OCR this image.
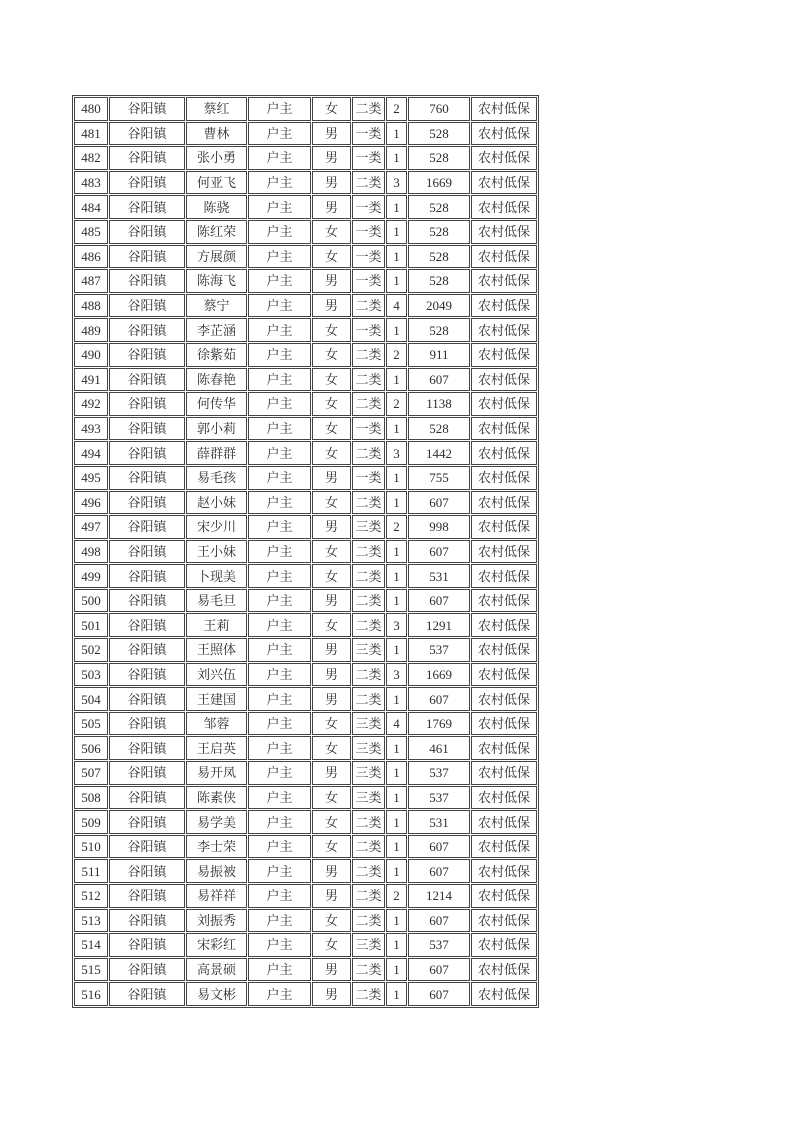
480	谷阳镇	蔡红	户主	女	二类	2	760	农村低保
481	谷阳镇	曹林	户主	男	一类	1	528	农村低保
482	谷阳镇	张小勇	户主	男	一类	1	528	农村低保
483	谷阳镇	何亚飞	户主	男	二类	3	1669	农村低保
484	谷阳镇	陈骁	户主	男	一类	1	528	农村低保
485	谷阳镇	陈红荣	户主	女	一类	1	528	农村低保
486	谷阳镇	方展颜	户主	女	一类	1	528	农村低保
487	谷阳镇	陈海飞	户主	男	一类	1	528	农村低保
488	谷阳镇	蔡宁	户主	男	二类	4	2049	农村低保
489	谷阳镇	李芷涵	户主	女	一类	1	528	农村低保
490	谷阳镇	徐紫茹	户主	女	二类	2	911	农村低保
491	谷阳镇	陈春艳	户主	女	二类	1	607	农村低保
492	谷阳镇	何传华	户主	女	二类	2	1138	农村低保
493	谷阳镇	郭小莉	户主	女	一类	1	528	农村低保
494	谷阳镇	薛群群	户主	女	二类	3	1442	农村低保
495	谷阳镇	易毛孩	户主	男	一类	1	755	农村低保
496	谷阳镇	赵小妹	户主	女	二类	1	607	农村低保
497	谷阳镇	宋少川	户主	男	三类	2	998	农村低保
498	谷阳镇	王小妹	户主	女	二类	1	607	农村低保
499	谷阳镇	卜现美	户主	女	二类	1	531	农村低保
500	谷阳镇	易毛旦	户主	男	二类	1	607	农村低保
501	谷阳镇	王莉	户主	女	二类	3	1291	农村低保
502	谷阳镇	王照体	户主	男	三类	1	537	农村低保
503	谷阳镇	刘兴伍	户主	男	二类	3	1669	农村低保
504	谷阳镇	王建国	户主	男	二类	1	607	农村低保
505	谷阳镇	邹蓉	户主	女	三类	4	1769	农村低保
506	谷阳镇	王启英	户主	女	三类	1	461	农村低保
507	谷阳镇	易开凤	户主	男	三类	1	537	农村低保
508	谷阳镇	陈素侠	户主	女	三类	1	537	农村低保
509	谷阳镇	易学美	户主	女	二类	1	531	农村低保
510	谷阳镇	李士荣	户主	女	二类	1	607	农村低保
511	谷阳镇	易振被	户主	男	二类	1	607	农村低保
512	谷阳镇	易祥祥	户主	男	二类	2	1214	农村低保
513	谷阳镇	刘振秀	户主	女	二类	1	607	农村低保
514	谷阳镇	宋彩红	户主	女	三类	1	537	农村低保
515	谷阳镇	高景硕	户主	男	二类	1	607	农村低保
516	谷阳镇	易文彬	户主	男	二类	1	607	农村低保
